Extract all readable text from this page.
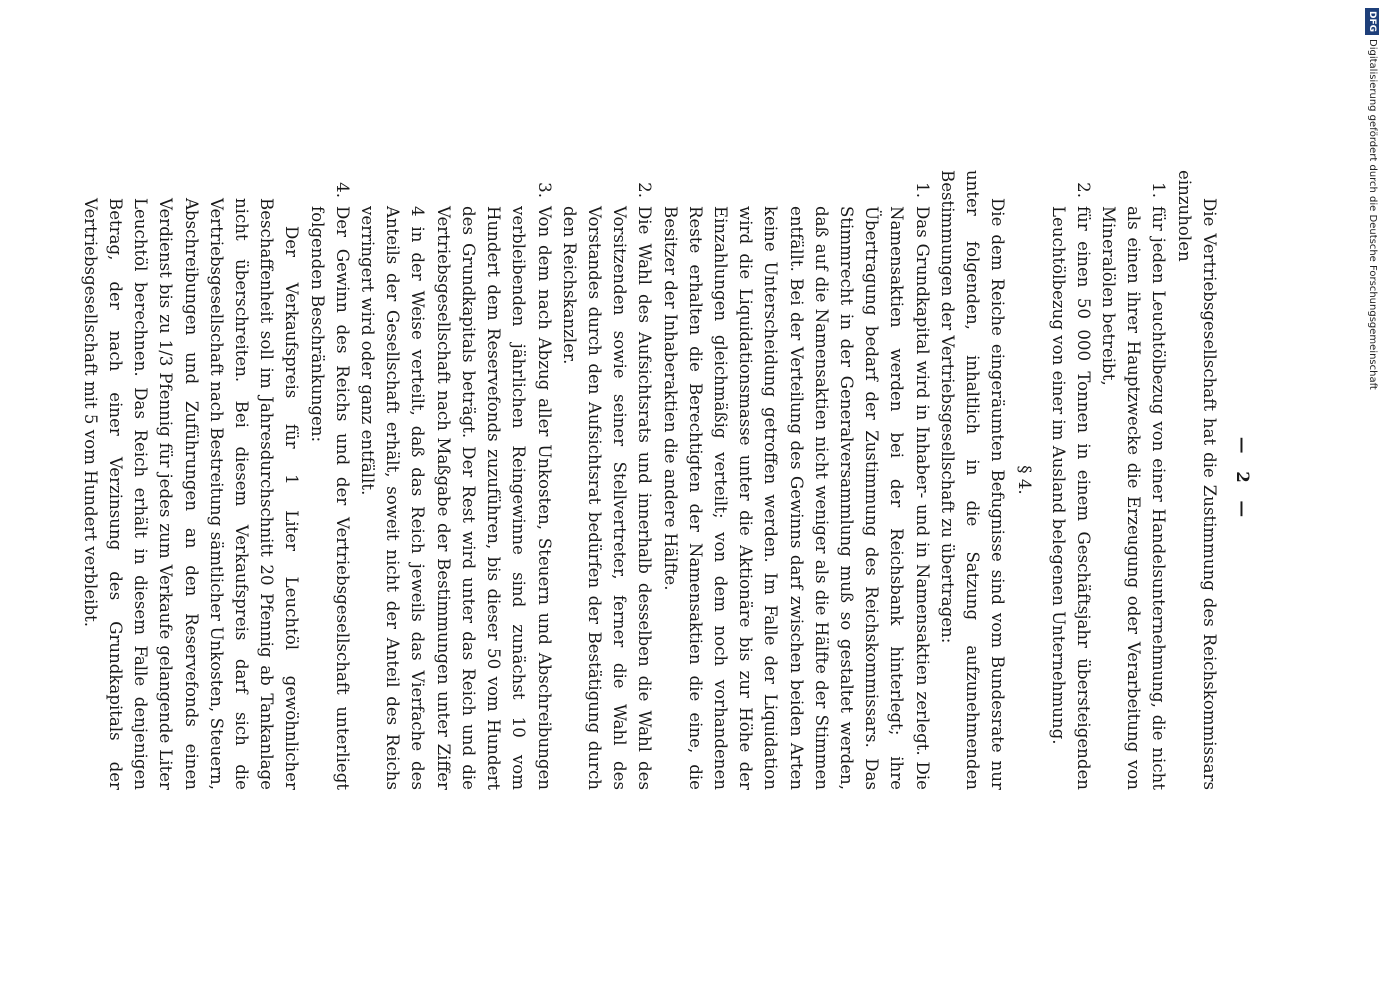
— 2 —

Die Vertriebsgesellschaft hat die Zustimmung des Reichskommissars einzuholen

1.
für jeden Leuchtölbezug von einer Handelsunternehmung, die nicht als einen ihrer Hauptzwecke die Erzeugung oder Verarbeitung von Mineralölen betreibt,
2.
für einen 50 000 Tonnen in einem Geschäftsjahr übersteigenden Leuchtölbezug von einer im Ausland belegenen Unternehmung.
§ 4.

Die dem Reiche eingeräumten Befugnisse sind vom Bundesrate nur unter folgenden, inhaltlich in die Satzung aufzunehmenden Bestimmungen der Vertriebsgesellschaft zu übertragen:

1.
Das Grundkapital wird in Inhaber- und in Namensaktien zerlegt. Die Namensaktien werden bei der Reichsbank hinterlegt; ihre Übertragung bedarf der Zustimmung des Reichskommissars. Das Stimmrecht in der Generalversammlung muß so gestaltet werden, daß auf die Namensaktien nicht weniger als die Hälfte der Stimmen entfällt. Bei der Verteilung des Gewinns darf zwischen beiden Arten keine Unterscheidung getroffen werden. Im Falle der Liquidation wird die Liquidationsmasse unter die Aktionäre bis zur Höhe der Einzahlungen gleichmäßig verteilt; von dem noch vorhandenen Reste erhalten die Berechtigten der Namensaktien die eine, die Besitzer der Inhaberaktien die andere Hälfte.
2.
Die Wahl des Aufsichtsrats und innerhalb desselben die Wahl des Vorsitzenden sowie seiner Stellvertreter, ferner die Wahl des Vorstandes durch den Aufsichtsrat bedürfen der Bestätigung durch den Reichskanzler.
3.
Von dem nach Abzug aller Unkosten, Steuern und Abschreibungen verbleibenden jährlichen Reingewinne sind zunächst 10 vom Hundert dem Reservefonds zuzuführen, bis dieser 50 vom Hundert des Grundkapitals beträgt. Der Rest wird unter das Reich und die Vertriebsgesellschaft nach Maßgabe der Bestimmungen unter Ziffer 4 in der Weise verteilt, daß das Reich jeweils das Vierfache des Anteils der Gesellschaft erhält, soweit nicht der Anteil des Reichs verringert wird oder ganz entfällt.
4.
Der Gewinn des Reichs und der Vertriebsgesellschaft unterliegt folgenden Beschränkungen:

Der Verkaufspreis für 1 Liter Leuchtöl gewöhnlicher Beschaffenheit soll im Jahresdurchschnitt 20 Pfennig ab Tankanlage nicht überschreiten. Bei diesem Verkaufspreis darf sich die Vertriebsgesellschaft nach Bestreitung sämtlicher Unkosten, Steuern, Abschreibungen und Zuführungen an den Reservefonds einen Verdienst bis zu 1/3 Pfennig für jedes zum Verkaufe gelangende Liter Leuchtöl berechnen. Das Reich erhält in diesem Falle denjenigen Betrag, der nach einer Verzinsung des Grundkapitals der Vertriebsgesellschaft mit 5 vom Hundert verbleibt.

DFG
Digitalisierung gefördert durch die Deutsche Forschungsgemeinschaft
